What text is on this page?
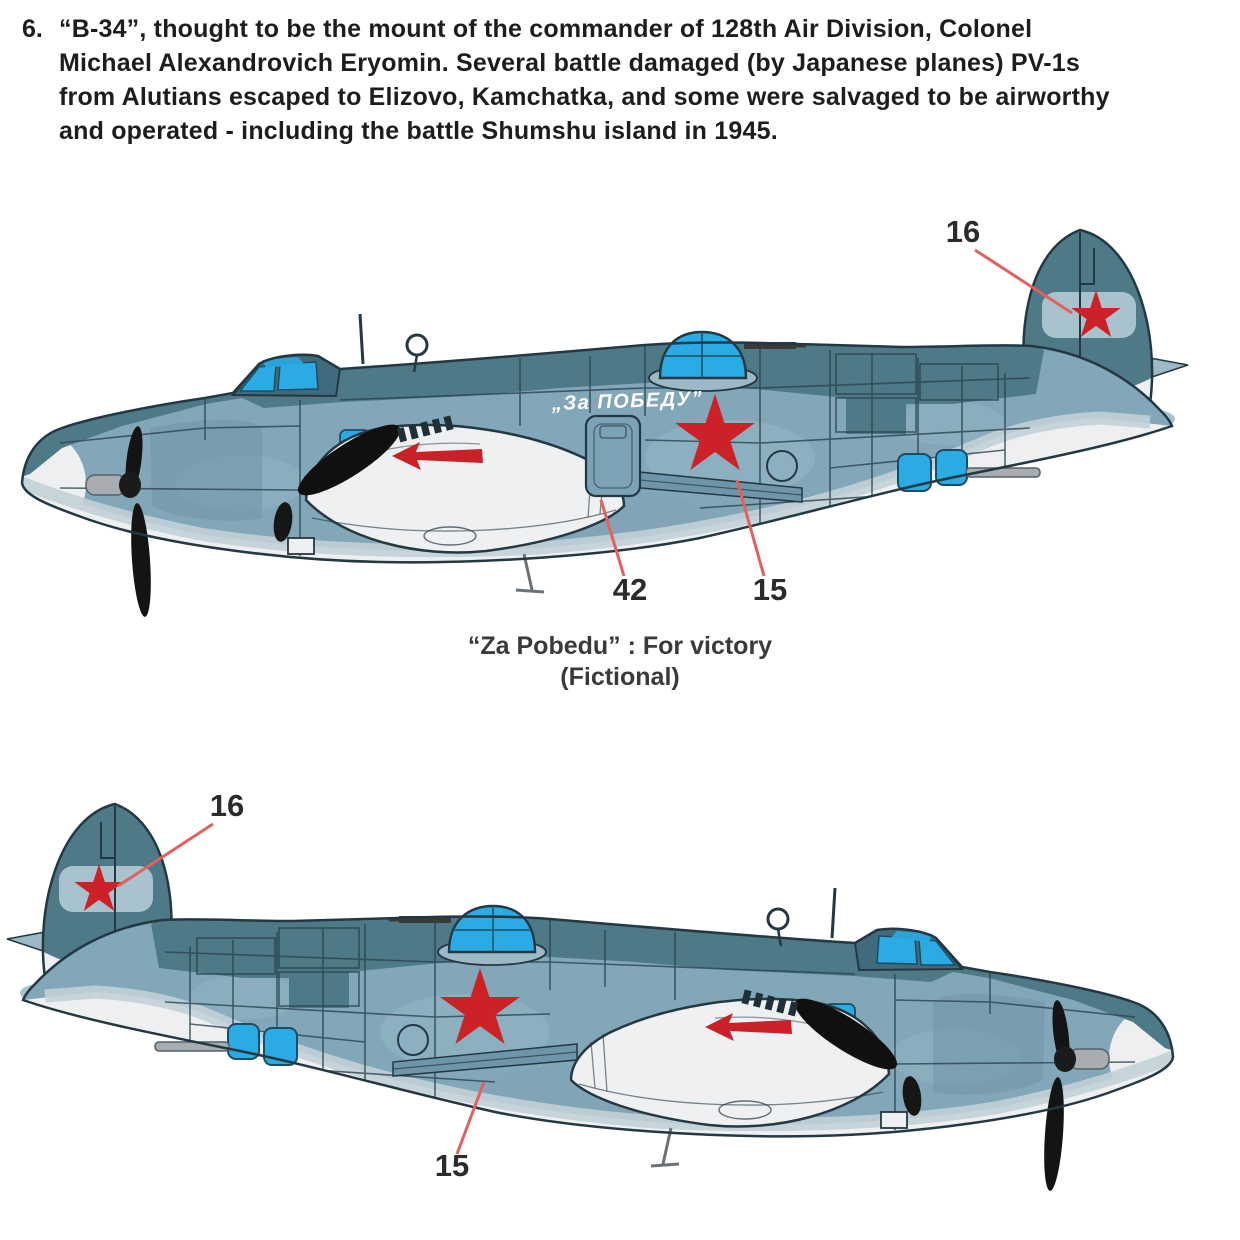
6. “B-34”, thought to be the mount of the commander of 128th Air Division, Colonel
Michael Alexandrovich Eryomin. Several battle damaged (by Japanese planes) PV-1s
from Alutians escaped to Elizovo, Kamchatka, and some were salvaged to be airworthy
and operated - including the battle Shumshu island in 1945.
„За ПОБЕДУ”
16
42	15
“Za Pobedu” : For victory
(Fictional)
16
15
